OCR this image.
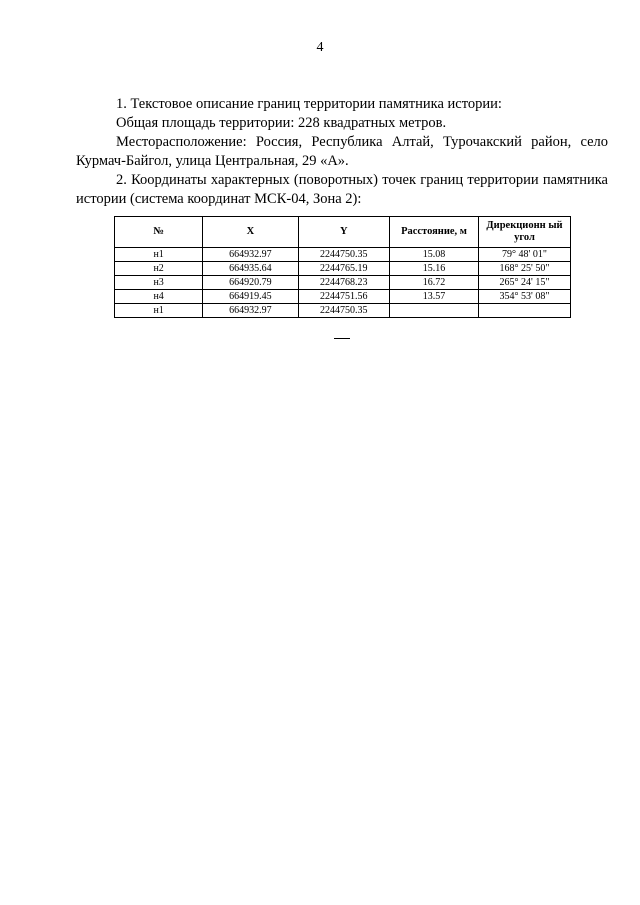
4

1. Текстовое описание границ территории памятника истории:

Общая площадь территории: 228 квадратных метров.

Месторасположение: Россия, Республика Алтай, Турочакский район, село Курмач-Байгол, улица Центральная, 29 «А».

2. Координаты характерных (поворотных) точек границ территории памятника истории (система координат МСК-04, Зона 2):

№	X	Y	Расстояние, м	Дирекционн ый угол
н1	664932.97	2244750.35	15.08	79° 48' 01"
н2	664935.64	2244765.19	15.16	168° 25' 50"
н3	664920.79	2244768.23	16.72	265° 24' 15"
н4	664919.45	2244751.56	13.57	354° 53' 08"
н1	664932.97	2244750.35		
